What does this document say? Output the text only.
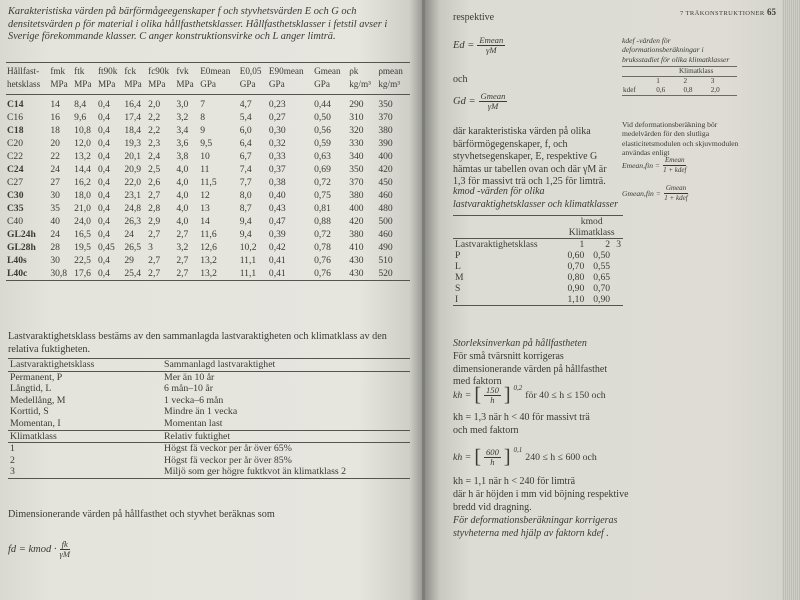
Karakteristiska värden på bärförmågeegenskaper f och styvhetsvärden E och G och densitetsvärden ρ för material i olika hållfasthetsklasser. Hållfasthetsklasser i fetstil avser i Sverige förekommande klasser. C anger konstruktionsvirke och L anger limträ.
Hållfast-	fmk	ftk	ft90k	fck	fc90k	fvk	E0mean	E0,05	E90mean	Gmean	ρk	ρmean
hetsklass	MPa	MPa	MPa	MPa	MPa	MPa	GPa	GPa	GPa	GPa	kg/m³	kg/m³
C14	14	8,4	0,4	16,4	2,0	3,0	7	4,7	0,23	0,44	290	350
C16	16	9,6	0,4	17,4	2,2	3,2	8	5,4	0,27	0,50	310	370
C18	18	10,8	0,4	18,4	2,2	3,4	9	6,0	0,30	0,56	320	380
C20	20	12,0	0,4	19,3	2,3	3,6	9,5	6,4	0,32	0,59	330	390
C22	22	13,2	0,4	20,1	2,4	3,8	10	6,7	0,33	0,63	340	400
C24	24	14,4	0,4	20,9	2,5	4,0	11	7,4	0,37	0,69	350	420
C27	27	16,2	0,4	22,0	2,6	4,0	11,5	7,7	0,38	0,72	370	450
C30	30	18,0	0,4	23,1	2,7	4,0	12	8,0	0,40	0,75	380	460
C35	35	21,0	0,4	24,8	2,8	4,0	13	8,7	0,43	0,81	400	480
C40	40	24,0	0,4	26,3	2,9	4,0	14	9,4	0,47	0,88	420	500
GL24h	24	16,5	0,4	24	2,7	2,7	11,6	9,4	0,39	0,72	380	460
GL28h	28	19,5	0,45	26,5	3	3,2	12,6	10,2	0,42	0,78	410	490
L40s	30	22,5	0,4	29	2,7	2,7	13,2	11,1	0,41	0,76	430	510
L40c	30,8	17,6	0,4	25,4	2,7	2,7	13,2	11,1	0,41	0,76	430	520
Lastvaraktighetsklass bestäms av den sammanlagda lastvaraktigheten och klimatklass av den relativa fuktigheten.
Lastvaraktighetsklass	Sammanlagd lastvaraktighet
Permanent, P	Mer än 10 år
Långtid, L	6 mån–10 år
Medellång, M	1 vecka–6 mån
Korttid, S	Mindre än 1 vecka
Momentan, I	Momentan last
Klimatklass	Relativ fuktighet
1	Högst fä veckor per år över 65%
2	Högst fä veckor per år över 85%
3	Miljö som ger högre fuktkvot än klimatklass 2
Dimensionerande värden på hållfasthet och styvhet beräknas som
fd = kmod · $\frac{fk}{\gamma M}$
7 TRÄKONSTRUKTIONER 65
respektive
$Ed = \frac{\text{Emean}}{\gamma M}$
och
$Gd = \frac{\text{Gmean}}{\gamma M}$
där karakteristiska värden på olika bärförmögegenskaper, f, och styvhetsegenskaper, E, respektive G hämtas ur tabellen ovan och där γM är 1,3 för massivt trä och 1,25 för limträ.
kmod -värden för olika lastvaraktighetsklasser och klimatklasser
	kmod		
	Klimatklass		
Lastvaraktighetsklass	1	2	3
P	0,60	0,50	
L	0,70	0,55	
M	0,80	0,65	
S	0,90	0,70	
I	1,10	0,90	
Storleksinverkan på hållfastheten
För små tvärsnitt korrigeras dimensionerande värden på hållfasthet med faktorn
kh = [ $\frac{150}{h}$ ] 0,2
för 40 ≤ h ≤ 150 och
kh = 1,3 när h < 40 för massivt trä
och med faktorn
kh = [ $\frac{600}{h}$ ] 0,1
240 ≤ h ≤ 600 och
kh = 1,1 när h < 240 för limträ
där h är höjden i mm vid böjning respektive bredd vid dragning.
För deformationsberäkningar korrigeras styvheterna med hjälp av faktorn kdef .
kdef -värden för deformationsberäkningar i bruksstadiet för olika klimatklasser
	Klimatklass		
	1	2	3
kdef	0,6	0,8	2,0
Vid deformationsberäkning bör medelvärden för den slutliga elasticitetsmodulen och skjuvmodulen användas enligt
Emean,fin = $\frac{\text{Emean}}{\text{1 + kdef}}$
Gmean,fin = $\frac{\text{Gmean}}{\text{1 + kdef}}$
